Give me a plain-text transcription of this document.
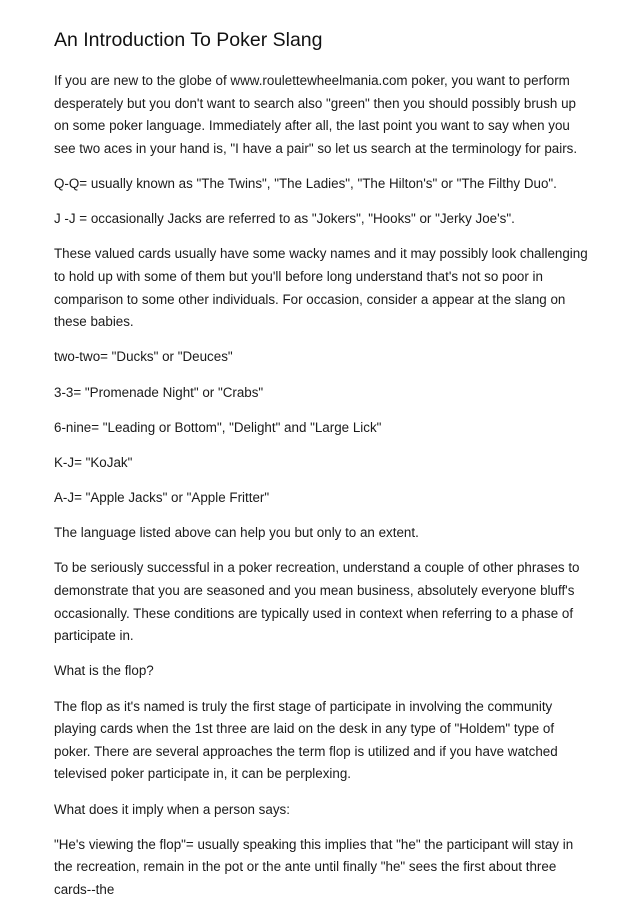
An Introduction To Poker Slang

If you are new to the globe of www.roulettewheelmania.com poker, you want to perform desperately but you don't want to search also "green" then you should possibly brush up on some poker language. Immediately after all, the last point you want to say when you see two aces in your hand is, "I have a pair" so let us search at the terminology for pairs.

Q-Q= usually known as "The Twins", "The Ladies", "The Hilton's" or "The Filthy Duo".

J -J = occasionally Jacks are referred to as "Jokers", "Hooks" or "Jerky Joe's".

These valued cards usually have some wacky names and it may possibly look challenging to hold up with some of them but you'll before long understand that's not so poor in comparison to some other individuals. For occasion, consider a appear at the slang on these babies.

two-two= "Ducks" or "Deuces"

3-3= "Promenade Night" or "Crabs"

6-nine= "Leading or Bottom", "Delight" and "Large Lick"

K-J= "KoJak"

A-J= "Apple Jacks" or "Apple Fritter"

The language listed above can help you but only to an extent.

To be seriously successful in a poker recreation, understand a couple of other phrases to demonstrate that you are seasoned and you mean business, absolutely everyone bluff's occasionally. These conditions are typically used in context when referring to a phase of participate in.

What is the flop?

The flop as it's named is truly the first stage of participate in involving the community playing cards when the 1st three are laid on the desk in any type of "Holdem" type of poker. There are several approaches the term flop is utilized and if you have watched televised poker participate in, it can be perplexing.

What does it imply when a person says:

"He's viewing the flop"= usually speaking this implies that "he" the participant will stay in the recreation, remain in the pot or the ante until finally "he" sees the first about three cards--the
